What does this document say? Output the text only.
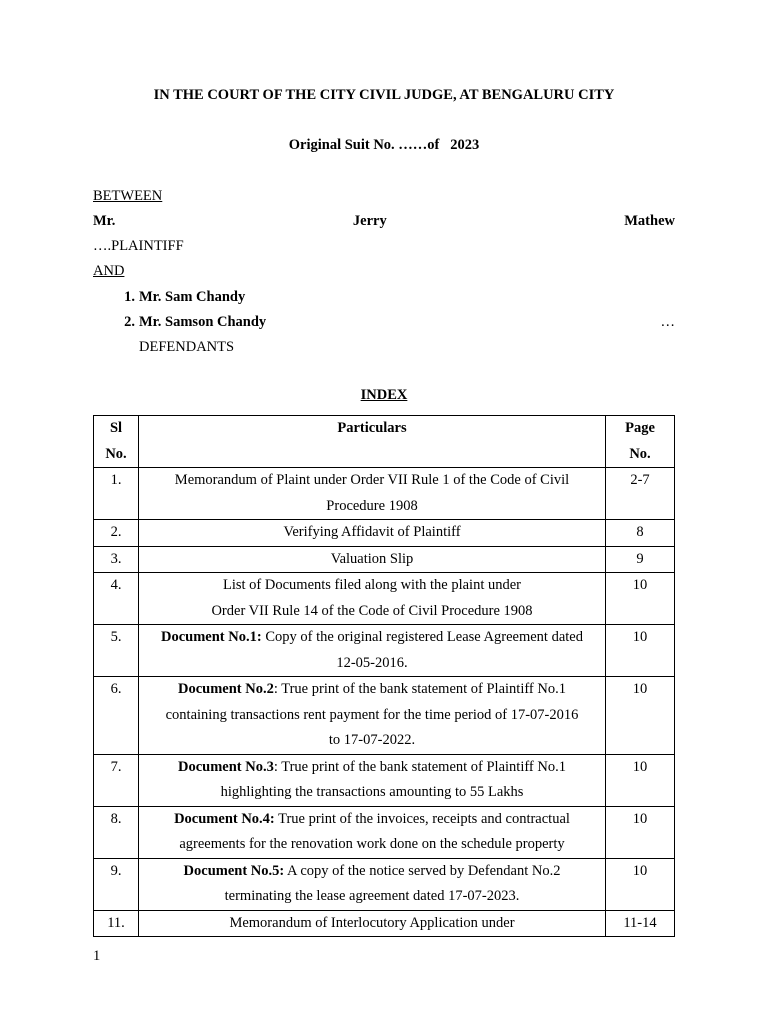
IN THE COURT OF THE CITY CIVIL JUDGE, AT BENGALURU CITY
Original Suit No. ……of   2023
BETWEEN
Mr.	Jerry	Mathew
….PLAINTIFF
AND
1. Mr. Sam Chandy
2. Mr. Samson Chandy	…
DEFENDANTS
INDEX
Sl
No.	Particulars	Page
No.
1.	Memorandum of Plaint under Order VII Rule 1 of the Code of Civil
Procedure 1908	2-7
2.	Verifying Affidavit of Plaintiff	8
3.	Valuation Slip	9
4.	List of Documents filed along with the plaint under
Order VII Rule 14 of the Code of Civil Procedure 1908	10
5.	Document No.1: Copy of the original registered Lease Agreement dated
12-05-2016.	10
6.	Document No.2: True print of the bank statement of Plaintiff No.1
containing transactions rent payment for the time period of 17-07-2016
to 17-07-2022.	10
7.	Document No.3: True print of the bank statement of Plaintiff No.1
highlighting the transactions amounting to 55 Lakhs	10
8.	Document No.4: True print of the invoices, receipts and contractual
agreements for the renovation work done on the schedule property	10
9.	Document No.5: A copy of the notice served by Defendant No.2
terminating the lease agreement dated 17-07-2023.	10
11.	Memorandum of Interlocutory Application under	11-14
1
